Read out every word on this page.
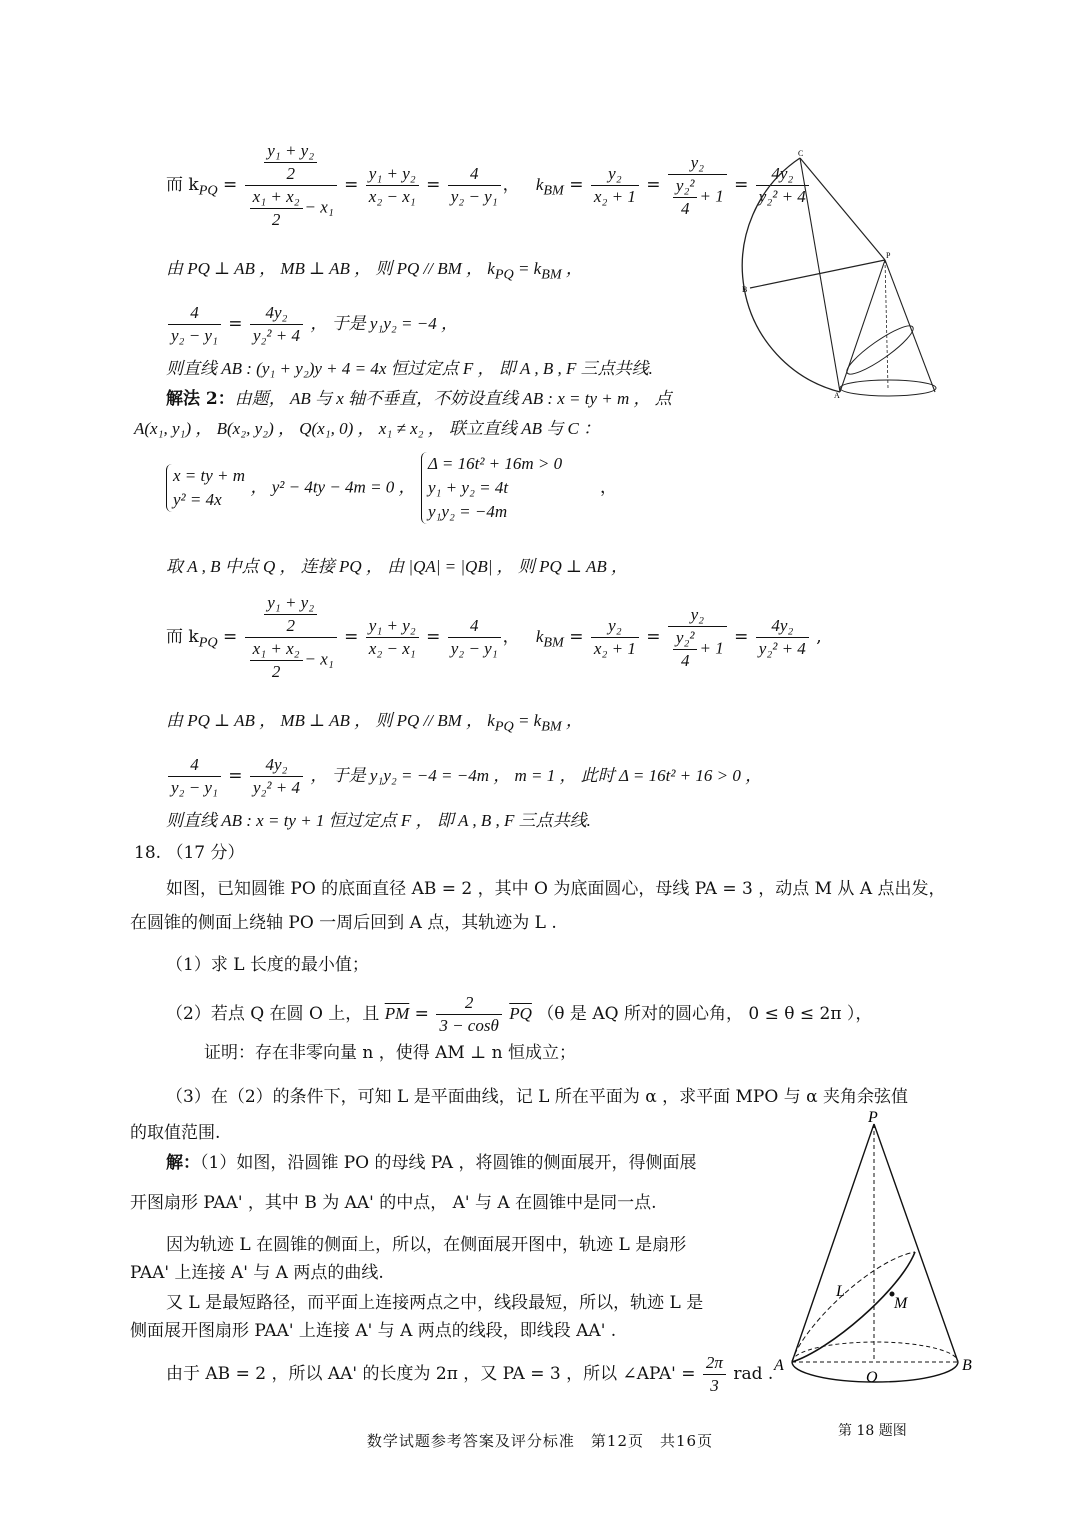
而 $k_{PQ} = \frac{\frac{\text{y₁ + y₂}}{2}}{\frac{\text{x₁ + x₂}}{2} - x_1} = \frac{\text{y₁ + y₂}}{\text{x₂ − x₁}} = \frac{4}{\text{y₂ − y₁}}$ ， $k_{BM} = \frac{\text{y₂}}{\text{x₂ + 1}} = \frac{\text{y₂}}{\frac{\text{y₂²}}{4} + 1} = \frac{\text{4y₂}}{\text{y₂² + 4}}$
由 PQ ⊥ AB ， MB ⊥ AB ， 则 PQ // BM ， $k_{PQ} = k_{BM}$ ，
$\frac{4}{\text{y₂ − y₁}} = \frac{\text{4y₂}}{\text{y₂² + 4}}$ ， 于是 y₁y₂ = −4 ，
则直线 AB : (y₁ + y₂)y + 4 = 4x 恒过定点 F ， 即 A , B , F 三点共线.
解法 2：由题， AB 与 x 轴不垂直，不妨设直线 AB : x = ty + m ， 点
A(x₁, y₁) ， B(x₂, y₂) ， Q(x₁, 0) ， x₁ ≠ x₂ ， 联立直线 AB 与 C ：
x = ty + m
y² = 4x
， y² − 4ty − 4m = 0 ，
Δ = 16t² + 16m > 0
y₁ + y₂ = 4t
y₁y₂ = −4m
，
取 A , B 中点 Q ， 连接 PQ ， 由 |QA| = |QB| ， 则 PQ ⊥ AB ，
而 $k_{PQ} = \frac{\frac{\text{y₁ + y₂}}{2}}{\frac{\text{x₁ + x₂}}{2} - x_1} = \frac{\text{y₁ + y₂}}{\text{x₂ − x₁}} = \frac{4}{\text{y₂ − y₁}}$ ， $k_{BM} = \frac{\text{y₂}}{\text{x₂ + 1}} = \frac{\text{y₂}}{\frac{\text{y₂²}}{4} + 1} = \frac{\text{4y₂}}{\text{y₂² + 4}}$ ,
由 PQ ⊥ AB ， MB ⊥ AB ， 则 PQ // BM ， $k_{PQ} = k_{BM}$ ，
$\frac{4}{\text{y₂ − y₁}} = \frac{\text{4y₂}}{\text{y₂² + 4}}$ ， 于是 y₁y₂ = −4 = −4m ， m = 1 ， 此时 Δ = 16t² + 16 > 0 ，
则直线 AB : x = ty + 1 恒过定点 F ， 即 A , B , F 三点共线.
18. （17 分）
如图，已知圆锥 PO 的底面直径 AB = 2 ，其中 O 为底面圆心，母线 PA = 3 ，动点 M 从 A 点出发，
在圆锥的侧面上绕轴 PO 一周后回到 A 点，其轨迹为 L .
（1）求 L 长度的最小值；
（2）若点 Q 在圆 O 上，且 $\overline{PM} = \frac{2}{3 - \cos\theta} \overline{PQ}$ （θ 是 AQ 所对的圆心角， 0 ≤ θ ≤ 2π ），
证明：存在非零向量 n ，使得 AM ⊥ n 恒成立；
（3）在（2）的条件下，可知 L 是平面曲线，记 L 所在平面为 α ，求平面 MPO 与 α 夹角余弦值
的取值范围.
解：（1）如图，沿圆锥 PO 的母线 PA ，将圆锥的侧面展开，得侧面展
开图扇形 PAA' ，其中 B 为 AA' 的中点， A' 与 A 在圆锥中是同一点.
因为轨迹 L 在圆锥的侧面上，所以，在侧面展开图中，轨迹 L 是扇形
PAA' 上连接 A' 与 A 两点的曲线.
又 L 是最短路径，而平面上连接两点之中，线段最短，所以，轨迹 L 是
侧面展开图扇形 PAA' 上连接 A' 与 A 两点的线段，即线段 AA' .
由于 AB = 2 ，所以 AA' 的长度为 2π ，又 PA = 3 ，所以 ∠APA' = $\frac{2\pi}{3}$ rad .
C
P
B
A
P
A	B
O
L
M
第 18 题图
数学试题参考答案及评分标准　第12页　共16页
